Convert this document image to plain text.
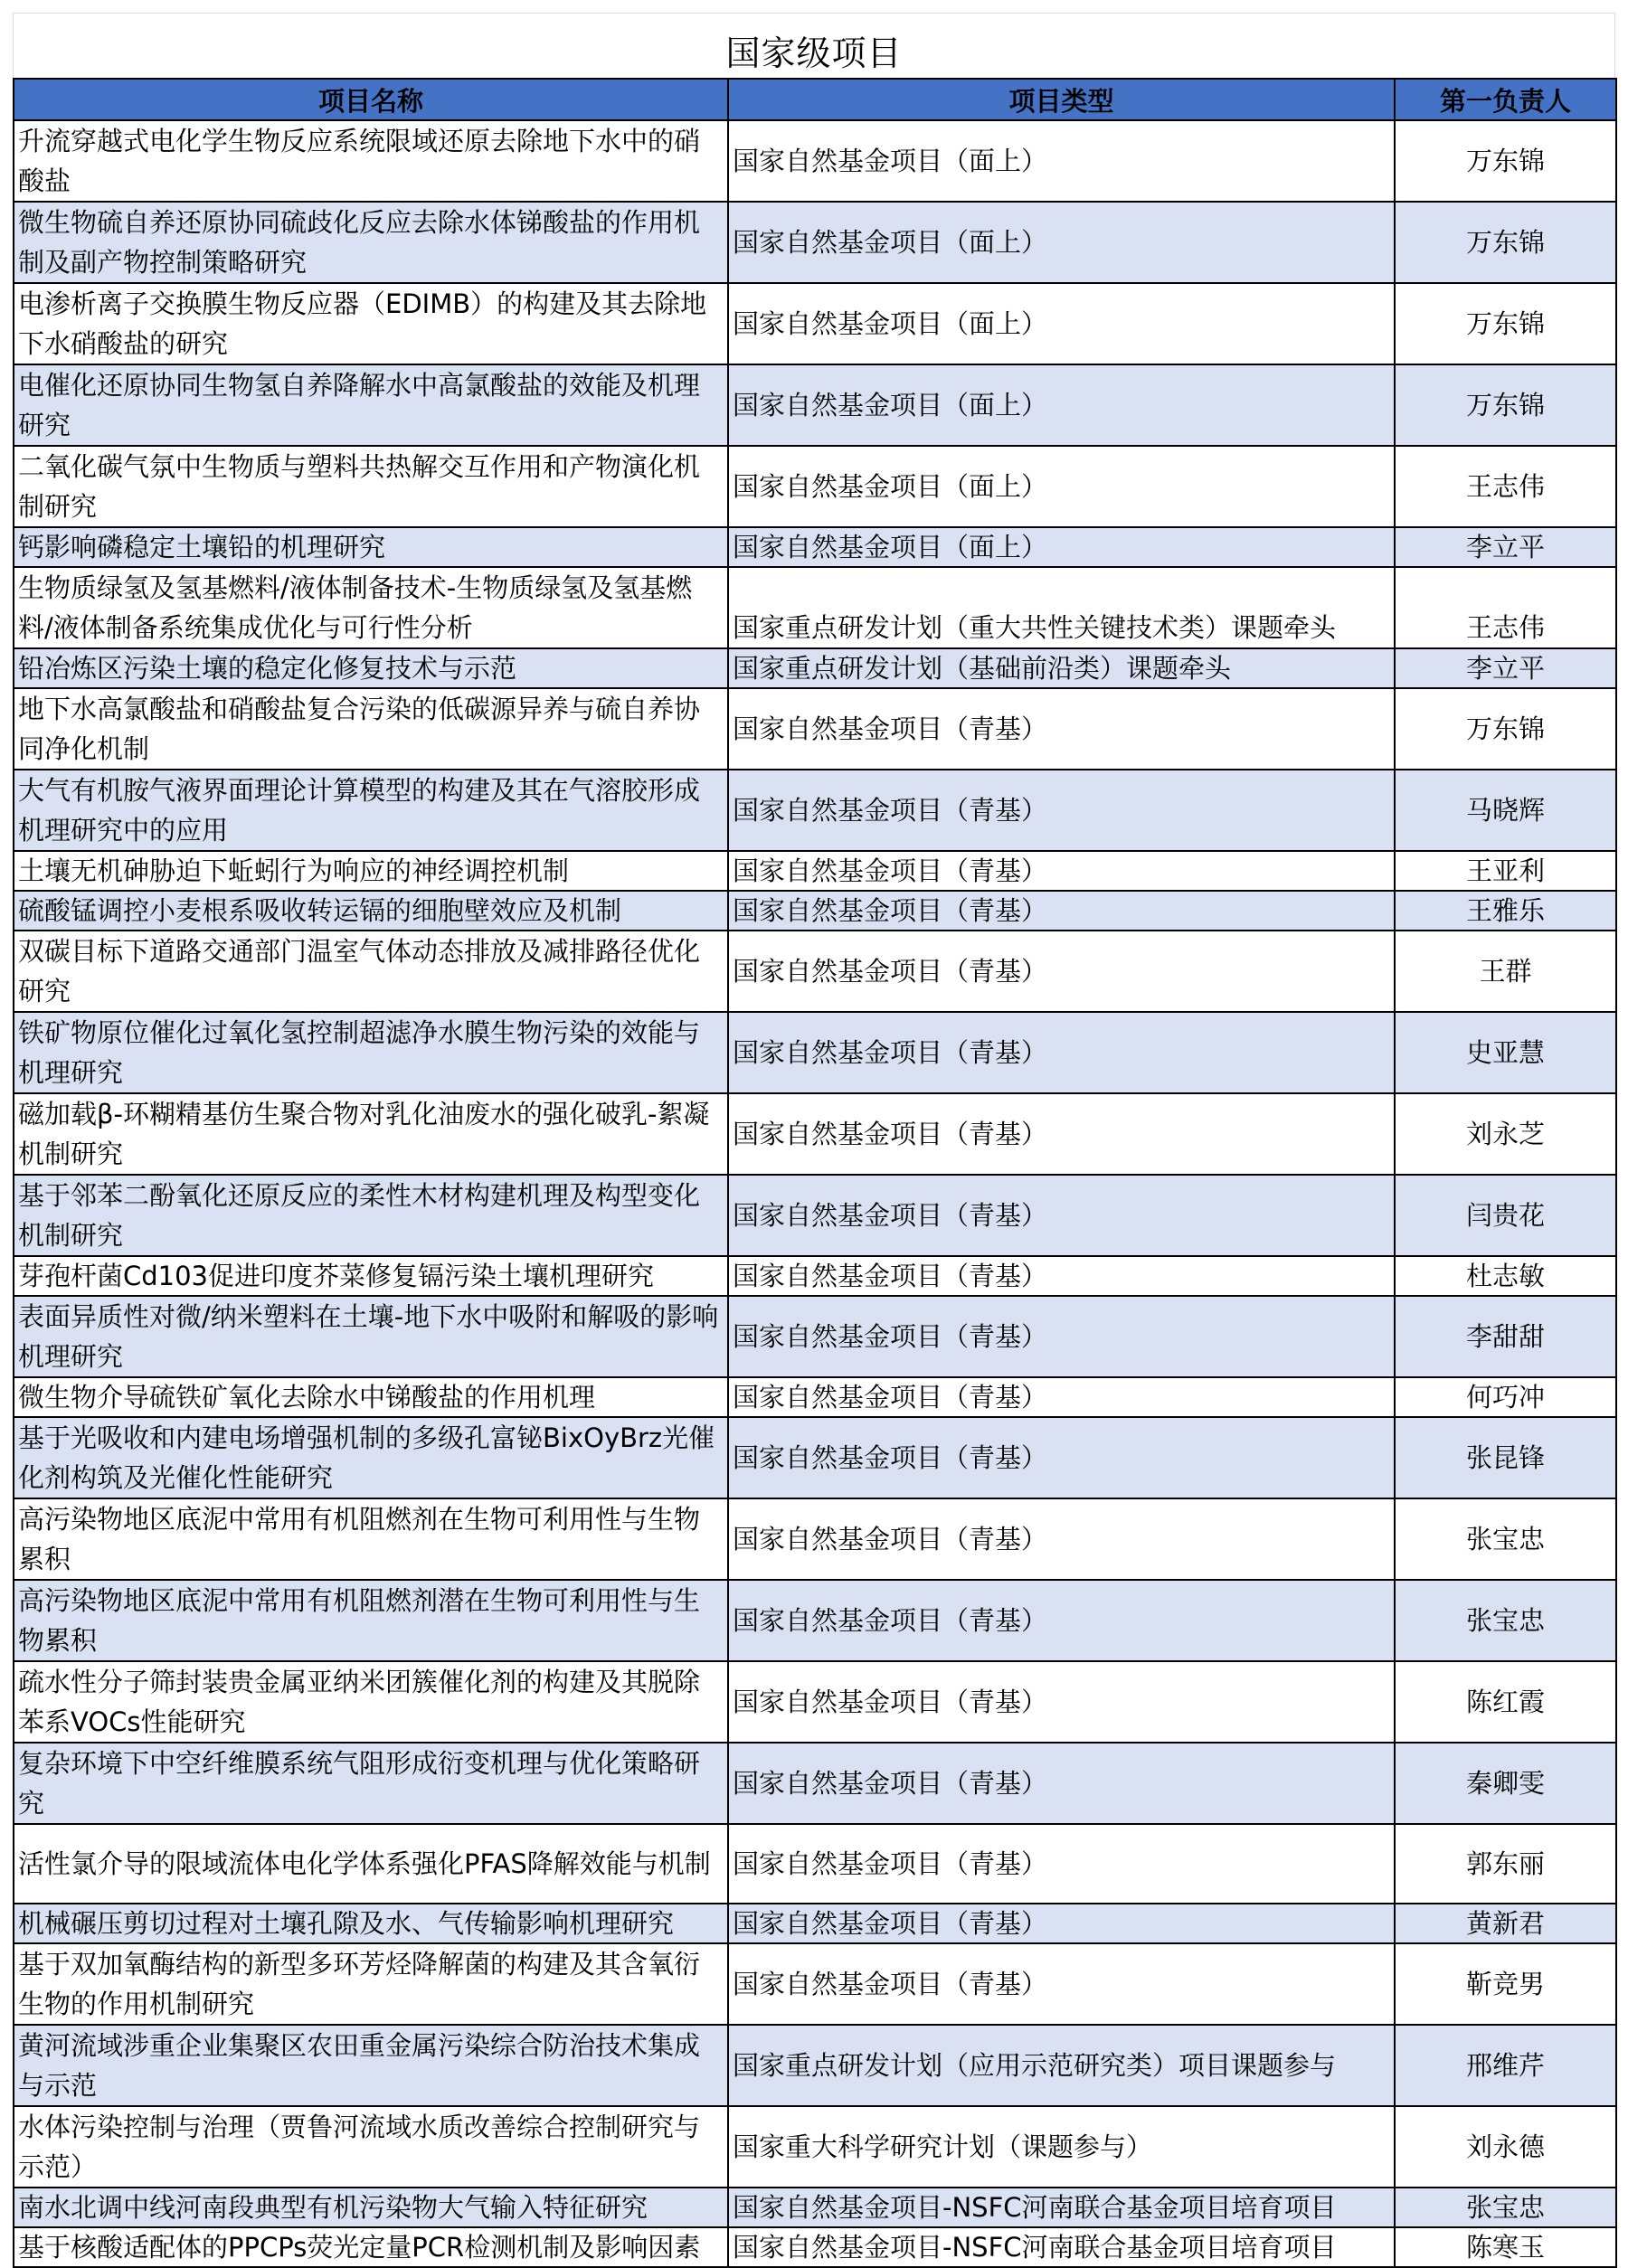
国家级项目
项目名称	项目类型	第一负责人
升流穿越式电化学生物反应系统限域还原去除地下水中的硝酸盐	国家自然基金项目（面上）	万东锦
微生物硫自养还原协同硫歧化反应去除水体锑酸盐的作用机制及副产物控制策略研究	国家自然基金项目（面上）	万东锦
电渗析离子交换膜生物反应器（EDIMB）的构建及其去除地下水硝酸盐的研究	国家自然基金项目（面上）	万东锦
电催化还原协同生物氢自养降解水中高氯酸盐的效能及机理研究	国家自然基金项目（面上）	万东锦
二氧化碳气氛中生物质与塑料共热解交互作用和产物演化机制研究	国家自然基金项目（面上）	王志伟
钙影响磷稳定土壤铅的机理研究	国家自然基金项目（面上）	李立平
生物质绿氢及氢基燃料/液体制备技术-生物质绿氢及氢基燃料/液体制备系统集成优化与可行性分析	国家重点研发计划（重大共性关键技术类）课题牵头	王志伟
铅冶炼区污染土壤的稳定化修复技术与示范	国家重点研发计划（基础前沿类）课题牵头	李立平
地下水高氯酸盐和硝酸盐复合污染的低碳源异养与硫自养协同净化机制	国家自然基金项目（青基）	万东锦
大气有机胺气液界面理论计算模型的构建及其在气溶胶形成机理研究中的应用	国家自然基金项目（青基）	马晓辉
土壤无机砷胁迫下蚯蚓行为响应的神经调控机制	国家自然基金项目（青基）	王亚利
硫酸锰调控小麦根系吸收转运镉的细胞壁效应及机制	国家自然基金项目（青基）	王雅乐
双碳目标下道路交通部门温室气体动态排放及减排路径优化研究	国家自然基金项目（青基）	王群
铁矿物原位催化过氧化氢控制超滤净水膜生物污染的效能与机理研究	国家自然基金项目（青基）	史亚慧
磁加载β-环糊精基仿生聚合物对乳化油废水的强化破乳-絮凝机制研究	国家自然基金项目（青基）	刘永芝
基于邻苯二酚氧化还原反应的柔性木材构建机理及构型变化机制研究	国家自然基金项目（青基）	闫贵花
芽孢杆菌Cd103促进印度芥菜修复镉污染土壤机理研究	国家自然基金项目（青基）	杜志敏
表面异质性对微/纳米塑料在土壤-地下水中吸附和解吸的影响机理研究	国家自然基金项目（青基）	李甜甜
微生物介导硫铁矿氧化去除水中锑酸盐的作用机理	国家自然基金项目（青基）	何巧冲
基于光吸收和内建电场增强机制的多级孔富铋BixOyBrz光催化剂构筑及光催化性能研究	国家自然基金项目（青基）	张昆锋
高污染物地区底泥中常用有机阻燃剂在生物可利用性与生物累积	国家自然基金项目（青基）	张宝忠
高污染物地区底泥中常用有机阻燃剂潜在生物可利用性与生物累积	国家自然基金项目（青基）	张宝忠
疏水性分子筛封装贵金属亚纳米团簇催化剂的构建及其脱除苯系VOCs性能研究	国家自然基金项目（青基）	陈红霞
复杂环境下中空纤维膜系统气阻形成衍变机理与优化策略研究	国家自然基金项目（青基）	秦卿雯
活性氯介导的限域流体电化学体系强化PFAS降解效能与机制	国家自然基金项目（青基）	郭东丽
机械碾压剪切过程对土壤孔隙及水、气传输影响机理研究	国家自然基金项目（青基）	黄新君
基于双加氧酶结构的新型多环芳烃降解菌的构建及其含氧衍生物的作用机制研究	国家自然基金项目（青基）	靳竞男
黄河流域涉重企业集聚区农田重金属污染综合防治技术集成与示范	国家重点研发计划（应用示范研究类）项目课题参与	邢维芹
水体污染控制与治理（贾鲁河流域水质改善综合控制研究与示范）	国家重大科学研究计划（课题参与）	刘永德
南水北调中线河南段典型有机污染物大气输入特征研究	国家自然基金项目-NSFC河南联合基金项目培育项目	张宝忠
基于核酸适配体的PPCPs荧光定量PCR检测机制及影响因素	国家自然基金项目-NSFC河南联合基金项目培育项目	陈寒玉
